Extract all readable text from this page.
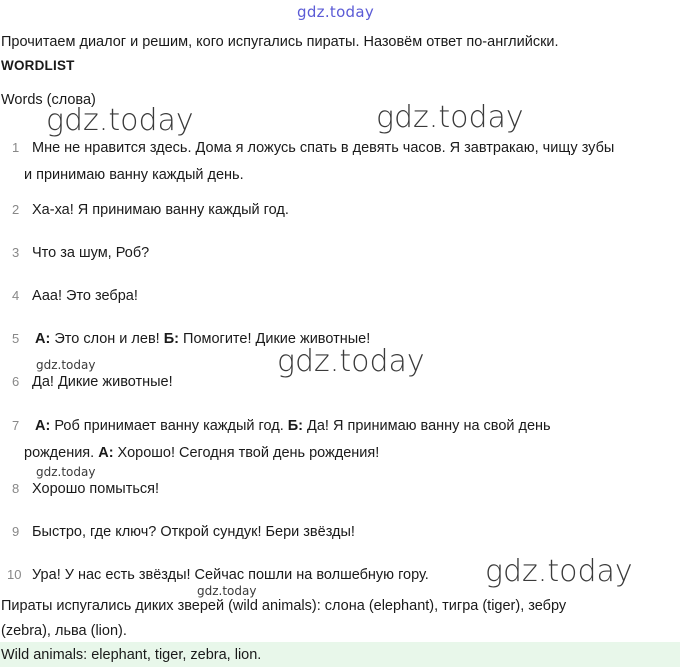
gdz.today
gdz.today	gdz.today
gdz.today
gdz.today
gdz.today
gdz.today
gdz.today
Прочитаем диалог и решим, кого испугались пираты. Назовём ответ по-английски.
WORDLIST
Words (слова)
1 Мне не нравится здесь. Дома я ложусь спать в девять часов. Я завтракаю, чищу зубы
и принимаю ванну каждый день.
2 Ха-ха! Я принимаю ванну каждый год.
3 Что за шум, Роб?
4 Ааа! Это зебра!
5 А: Это слон и лев! Б: Помогите! Дикие животные!
6 Да! Дикие животные!
7 А: Роб принимает ванну каждый год. Б: Да! Я принимаю ванну на свой день
рождения. А: Хорошо! Сегодня твой день рождения!
8 Хорошо помыться!
9 Быстро, где ключ? Открой сундук! Бери звёзды!
10 Ура! У нас есть звёзды! Сейчас пошли на волшебную гору.
Пираты испугались диких зверей (wild animals): слона (elephant), тигра (tiger), зебру
(zebra), льва (lion).
Wild animals: elephant, tiger, zebra, lion.
